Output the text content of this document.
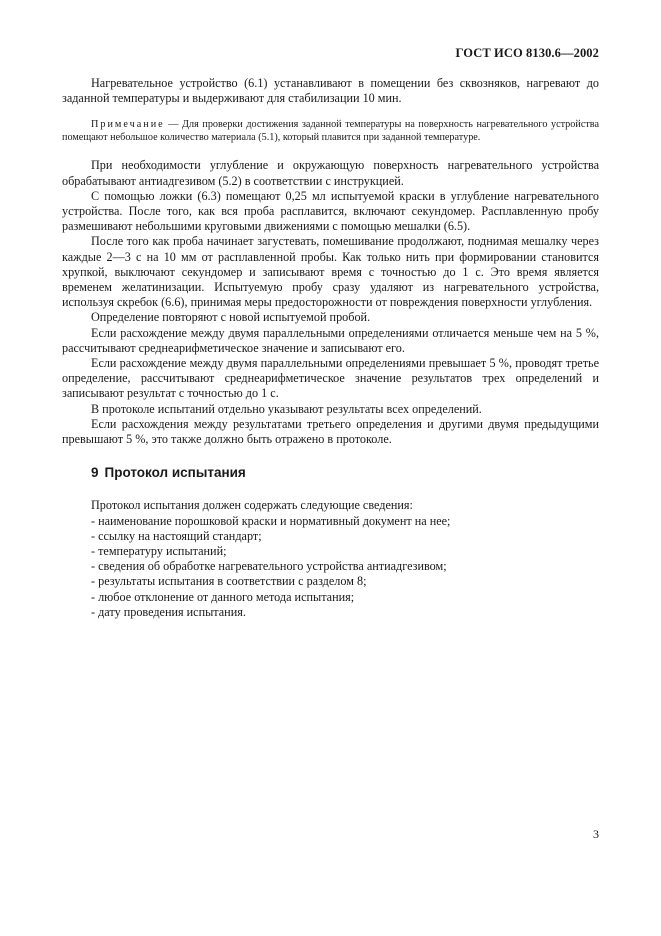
ГОСТ ИСО 8130.6—2002

Нагревательное устройство (6.1) устанавливают в помещении без сквозняков, нагревают до заданной температуры и выдерживают для стабилизации 10 мин.

Примечание — Для проверки достижения заданной температуры на поверхность нагревательного устройства помещают небольшое количество материала (5.1), который плавится при заданной температуре.

При необходимости углубление и окружающую поверхность нагревательного устройства обрабатывают антиадгезивом (5.2) в соответствии с инструкцией.

С помощью ложки (6.3) помещают 0,25 мл испытуемой краски в углубление нагревательного устройства. После того, как вся проба расплавится, включают секундомер. Расплавленную пробу размешивают небольшими круговыми движениями с помощью мешалки (6.5).

После того как проба начинает загустевать, помешивание продолжают, поднимая мешалку через каждые 2—3 с на 10 мм от расплавленной пробы. Как только нить при формировании становится хрупкой, выключают секундомер и записывают время с точностью до 1 с. Это время является временем желатинизации. Испытуемую пробу сразу удаляют из нагревательного устройства, используя скребок (6.6), принимая меры предосторожности от повреждения поверхности углубления.

Определение повторяют с новой испытуемой пробой.

Если расхождение между двумя параллельными определениями отличается меньше чем на 5 %, рассчитывают среднеарифметическое значение и записывают его.

Если расхождение между двумя параллельными определениями превышает 5 %, проводят третье определение, рассчитывают среднеарифметическое значение результатов трех определений и записывают результат с точностью до 1 с.

В протоколе испытаний отдельно указывают результаты всех определений.

Если расхождения между результатами третьего определения и другими двумя предыдущими превышают 5 %, это также должно быть отражено в протоколе.

9 Протокол испытания

Протокол испытания должен содержать следующие сведения:

- наименование порошковой краски и нормативный документ на нее;
- ссылку на настоящий стандарт;
- температуру испытаний;
- сведения об обработке нагревательного устройства антиадгезивом;
- результаты испытания в соответствии с разделом 8;
- любое отклонение от данного метода испытания;
- дату проведения испытания.
3
